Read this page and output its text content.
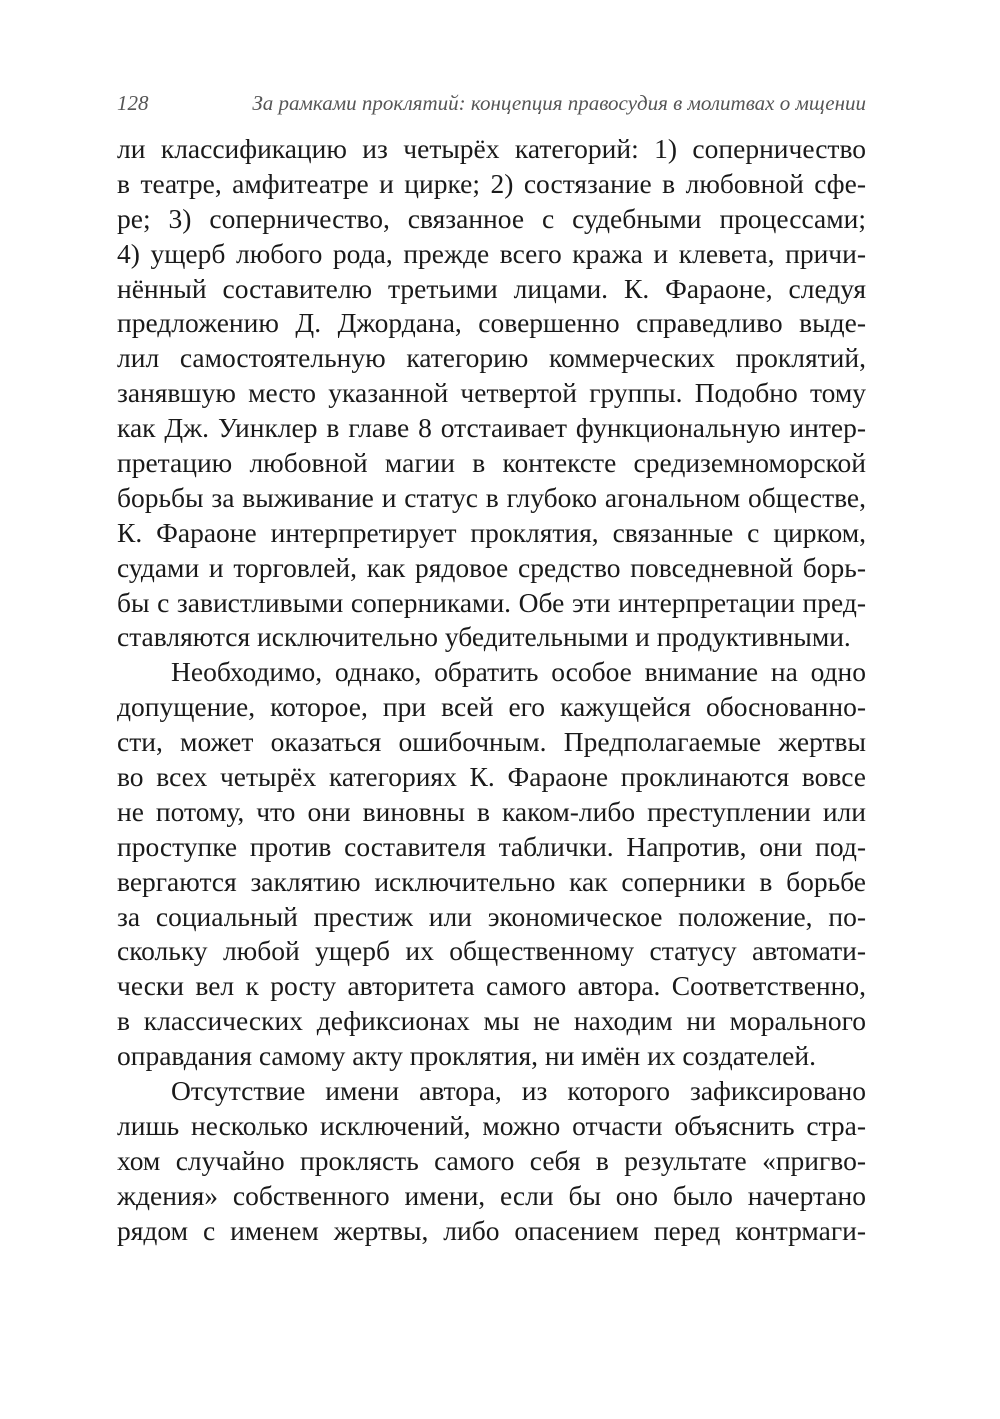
128	За рамками проклятий: концепция правосудия в молитвах о мщении
ли классификацию из четырёх категорий: 1) соперничество
в театре, амфитеатре и цирке; 2) состязание в любовной сфе-
ре; 3) соперничество, связанное с судебными процессами;
4) ущерб любого рода, прежде всего кража и клевета, причи-
нённый составителю третьими лицами. К. Фараоне, следуя
предложению Д. Джордана, совершенно справедливо выде-
лил самостоятельную категорию коммерческих проклятий,
занявшую место указанной четвертой группы. Подобно тому
как Дж. Уинклер в главе 8 отстаивает функциональную интер-
претацию любовной магии в контексте средиземноморской
борьбы за выживание и статус в глубоко агональном обществе,
К. Фараоне интерпретирует проклятия, связанные с цирком,
судами и торговлей, как рядовое средство повседневной борь-
бы с завистливыми соперниками. Обе эти интерпретации пред-
ставляются исключительно убедительными и продуктивными.
Необходимо, однако, обратить особое внимание на одно
допущение, которое, при всей его кажущейся обоснованно-
сти, может оказаться ошибочным. Предполагаемые жертвы
во всех четырёх категориях К. Фараоне проклинаются вовсе
не потому, что они виновны в каком-либо преступлении или
проступке против составителя таблички. Напротив, они под-
вергаются заклятию исключительно как соперники в борьбе
за социальный престиж или экономическое положение, по-
скольку любой ущерб их общественному статусу автомати-
чески вел к росту авторитета самого автора. Соответственно,
в классических дефиксионах мы не находим ни морального
оправдания самому акту проклятия, ни имён их создателей.
Отсутствие имени автора, из которого зафиксировано
лишь несколько исключений, можно отчасти объяснить стра-
хом случайно проклясть самого себя в результате «пригво-
ждения» собственного имени, если бы оно было начертано
рядом с именем жертвы, либо опасением перед контрмаги-
